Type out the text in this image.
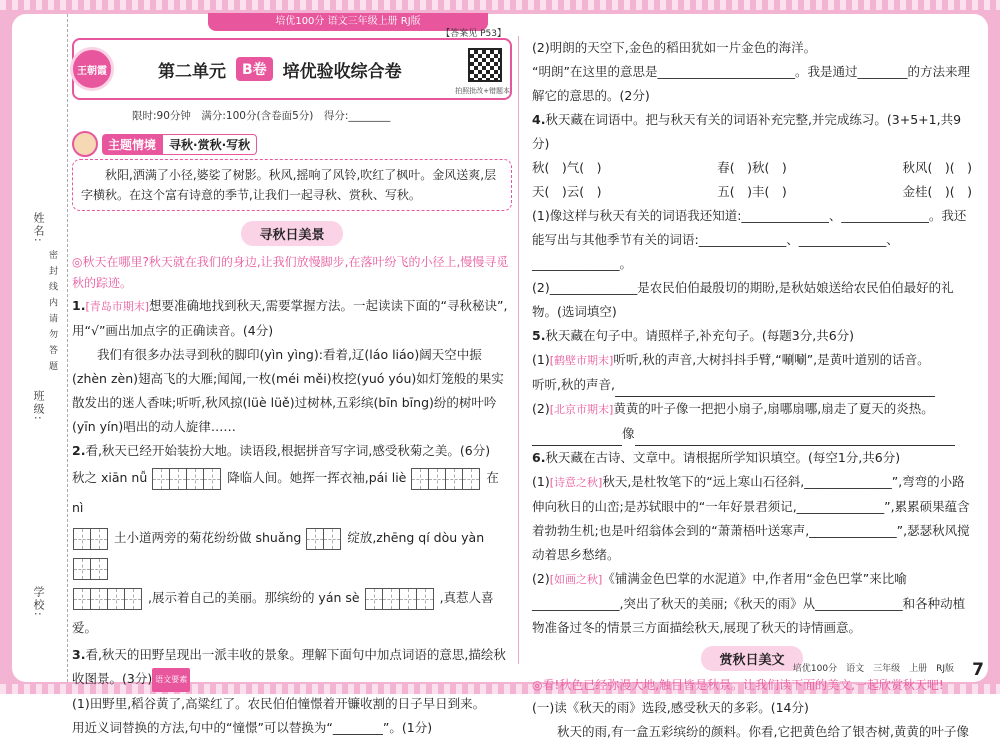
培优100分 语文三年级上册 RJ版
姓名:
密 封 线 内 请 勿 答 题
班级:
学校:
【答案见 P53】
王朝霞	第二单元	B卷 培优验收综合卷
拍照批改+错题本
限时:90分钟　满分:100分(含卷面5分)　得分:________
主题情境	寻秋·赏秋·写秋
秋阳,洒满了小径,婆娑了树影。秋风,摇响了风铃,吹红了枫叶。金风送爽,层字横秋。在这个富有诗意的季节,让我们一起寻秋、赏秋、写秋。
寻秋日美景
◎秋天在哪里?秋天就在我们的身边,让我们放慢脚步,在落叶纷飞的小径上,慢慢寻觅秋的踪迹。

1.[青岛市期末]想要准确地找到秋天,需要掌握方法。一起读读下面的“寻秋秘诀”,用“√”画出加点字的正确读音。(4分)

我们有很多办法寻到秋的脚印(yìn yìng):看着,辽(láo liáo)阔天空中振(zhèn zèn)翅高飞的大雁;闻闻,一枚(méi měi)枚挖(yuó yóu)如灯笼般的果实散发出的迷人香味;听听,秋风掠(lüè lüě)过树林,五彩缤(bīn bīng)纷的树叶吟(yīn yín)唱出的动人旋律……

2.看,秋天已经开始装扮大地。读语段,根据拼音写字词,感受秋菊之美。(6分)

秋之 xiān nǚ	降临人间。她挥一挥衣袖,pái liè	在 nì

土小道两旁的菊花纷纷做 shuǎng	绽放,zhēng qí dòu yàn

,展示着自己的美丽。那缤纷的 yán sè	,真惹人喜爱。

3.看,秋天的田野呈现出一派丰收的景象。理解下面句中加点词语的意思,描绘秋收图景。(3分) 语文要素

(1)田野里,稻谷黄了,高粱红了。农民伯伯憧憬着开镰收割的日子早日到来。

用近义词替换的方法,句中的“憧憬”可以替换为“________”。(1分)

(2)明朗的天空下,金色的稻田犹如一片金色的海洋。

“明朗”在这里的意思是______________________。我是通过________的方法来理解它的意思的。(2分)

4.秋天藏在词语中。把与秋天有关的词语补充完整,并完成练习。(3+5+1,共9分)

秋(　)气(　)	春(　)秋(　)	秋风(　)(　)
天(　)云(　)	五(　)丰(　)	金桂(　)(　)

(1)像这样与秋天有关的词语我还知道:______________、______________。我还能写出与其他季节有关的词语:______________、______________、______________。

(2)______________是农民伯伯最殷切的期盼,是秋姑娘送给农民伯伯最好的礼物。(选词填空)

5.秋天藏在句子中。请照样子,补充句子。(每题3分,共6分)

(1)[鹤壁市期末]听听,秋的声音,大树抖抖手臂,“唰唰”,是黄叶道别的话音。

听听,秋的声音,

(2)[北京市期末]黄黄的叶子像一把把小扇子,扇哪扇哪,扇走了夏天的炎热。

像

6.秋天藏在古诗、文章中。请根据所学知识填空。(每空1分,共6分)

(1)[诗意之秋]秋天,是杜牧笔下的“远上寒山石径斜,______________”,弯弯的小路伸向秋日的山峦;是苏轼眼中的“一年好景君须记,______________”,累累硕果蕴含着勃勃生机;也是叶绍翁体会到的“萧萧梧叶送寒声,______________”,瑟瑟秋风搅动着思乡愁绪。

(2)[如画之秋]《铺满金色巴掌的水泥道》中,作者用“金色巴掌”来比喻______________,突出了秋天的美丽;《秋天的雨》从______________和各种动植物准备过冬的情景三方面描绘秋天,展现了秋天的诗情画意。

赏秋日美文
◎看!秋色已经弥漫大地,触目皆是秋景。让我们读下面的美文,一起欣赏秋天吧!

(一)读《秋天的雨》选段,感受秋天的多彩。(14分)

秋天的雨,有一盒五彩缤纷的颜料。你看,它把黄色给了银杏树,黄黄的叶子像

培优100分　语文　三年级　上册　RJ版 7
